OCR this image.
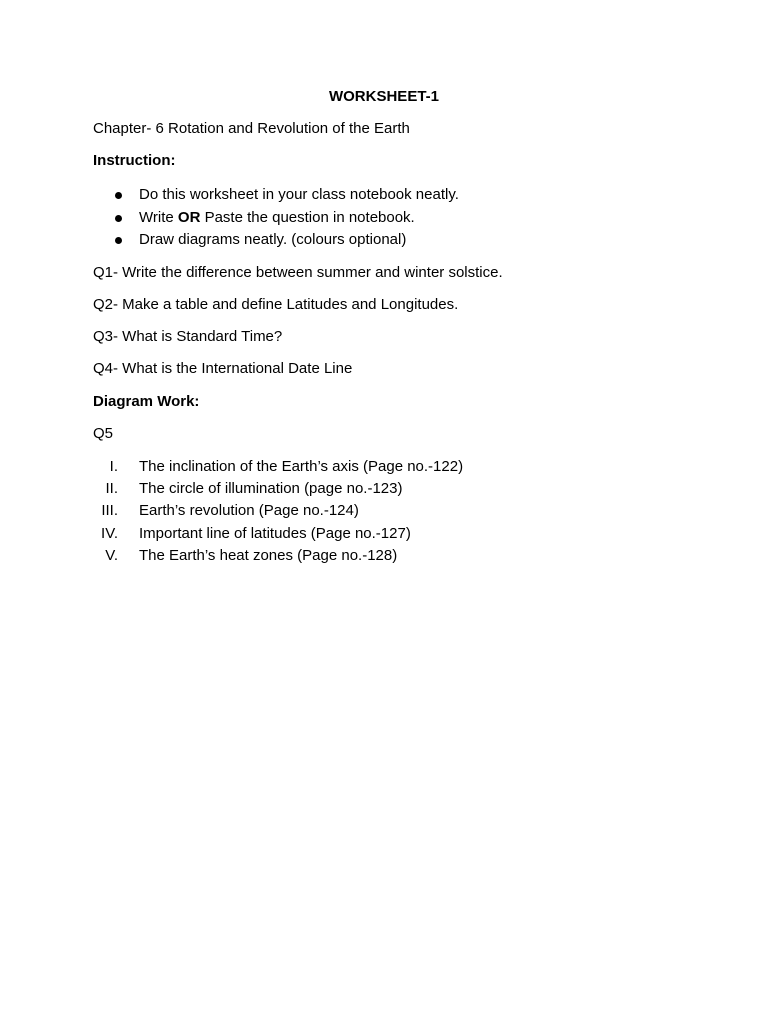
WORKSHEET-1
Chapter- 6 Rotation and Revolution of the Earth
Instruction:
Do this worksheet in your class notebook neatly.
Write OR Paste the question in notebook.
Draw diagrams neatly. (colours optional)
Q1- Write the difference between summer and winter solstice.
Q2- Make a table and define Latitudes and Longitudes.
Q3- What is Standard Time?
Q4- What is the International Date Line
Diagram Work:
Q5
I. The inclination of the Earth’s axis (Page no.-122)
II. The circle of illumination (page no.-123)
III. Earth’s revolution (Page no.-124)
IV. Important line of latitudes (Page no.-127)
V. The Earth’s heat zones (Page no.-128)
